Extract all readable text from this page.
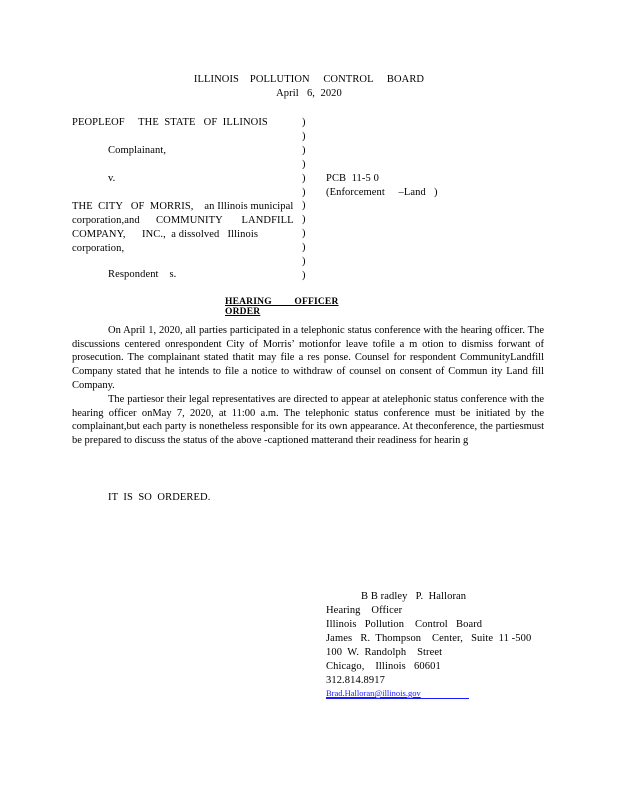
ILLINOIS    POLLUTION     CONTROL     BOARD
April   6,  2020
PEOPLEOF     THE  STATE   OF  ILLINOIS
Complainant,
v.
THE  CITY   OF  MORRIS,    an Illinois municipal
corporation,and      COMMUNITY       LANDFILL
COMPANY,      INC.,  a dissolved   Illinois
corporation,
Respondent    s.
)
)
)
)
)
)
)
)
)
)
)
)
PCB  11-5 0
(Enforcement     –Land   )
HEARING OFFICER ORDER
On April 1, 2020, all parties participated in a telephonic status conference with the hearing officer. The discussions centered onrespondent City of Morris’ motionfor leave tofile a m otion to dismiss forwant of prosecution. The complainant stated thatit may file a res ponse. Counsel for respondent CommunityLandfill Company stated that he intends to file a notice to withdraw of counsel on consent of Commun ity Land fill Company.
The partiesor their legal representatives are directed to appear at atelephonic status conference with the hearing officer onMay 7, 2020, at 11:00 a.m. The telephonic status conference must be initiated by the complainant,but each party is nonetheless responsible for its own appearance. At theconference, the partiesmust be prepared to discuss the status of the above -captioned matterand their readiness for hearin g
IT  IS  SO  ORDERED.
B B radley   P.  Halloran
Hearing    Officer
Illinois   Pollution    Control   Board
James   R.  Thompson    Center,   Suite  11 -500
100  W.  Randolph    Street
Chicago,    Illinois   60601
312.814.8917
Brad.Halloran@illinois.gov
